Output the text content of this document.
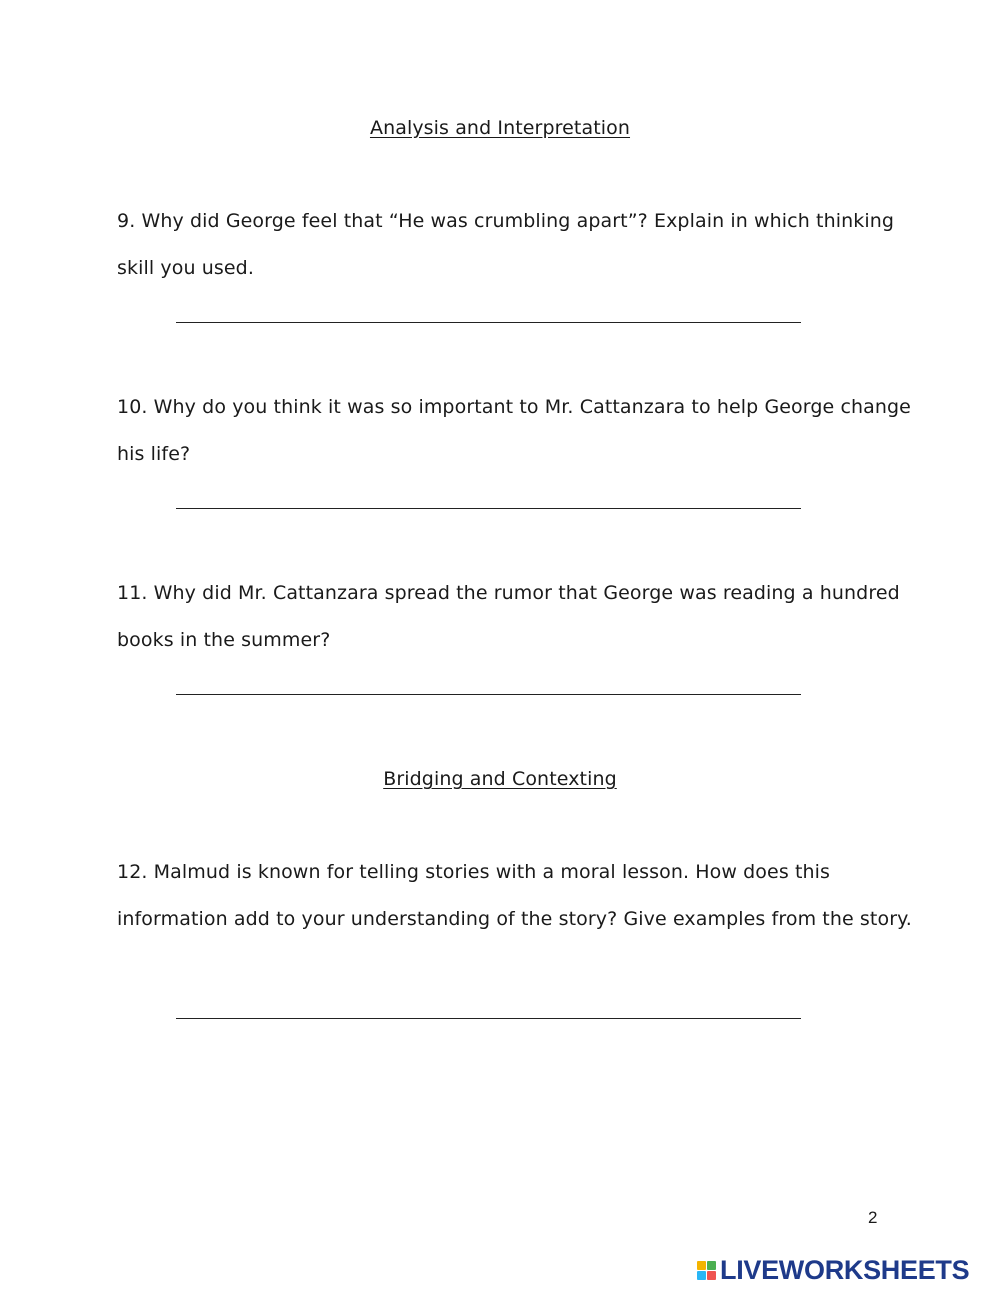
Analysis and Interpretation
9. Why did George feel that “He was crumbling apart”? Explain in which thinking
skill you used.
10. Why do you think it was so important to Mr. Cattanzara to help George change
his life?
11. Why did Mr. Cattanzara spread the rumor that George was reading a hundred
books in the summer?
Bridging and Contexting
12. Malmud is known for telling stories with a moral lesson. How does this
information add to your understanding of the story? Give examples from the story.
2
LIVEWORKSHEETS
